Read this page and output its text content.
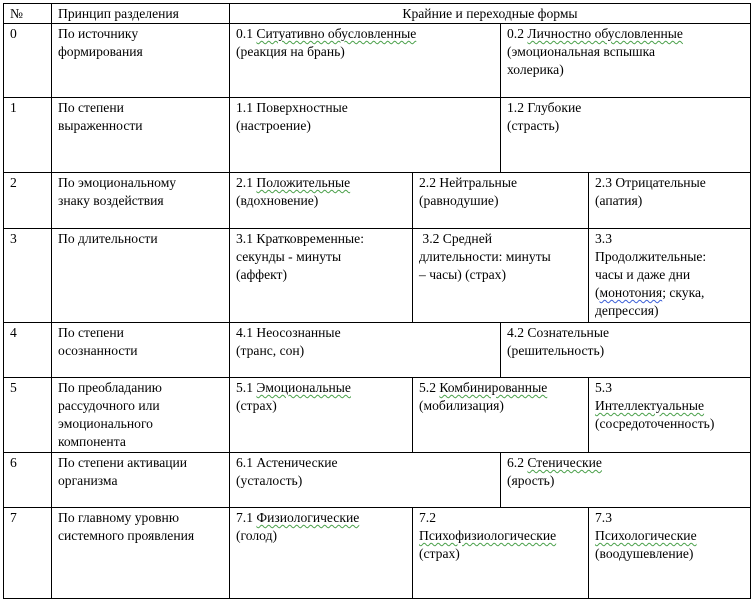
№	Принцип разделения	Крайние и переходные формы			
0	По источнику
формирования	0.1 Ситуативно обусловленные
(реакция на брань)		0.2 Личностно обусловленные
(эмоциональная вспышка
холерика)	

1	По степени
выраженности	1.1 Поверхностные
(настроение)		1.2 Глубокие
(страсть)	

2	По эмоциональному
знаку воздействия	2.1 Положительные
(вдохновение)	2.2 Нейтральные
(равнодушие)		2.3 Отрицательные
(апатия)

3	По длительности	3.1 Кратковременные:
секунды - минуты
(аффект)	3.2 Средней
длительности: минуты
– часы) (страх)		3.3
Продолжительные:
часы и даже дни
(монотония; скука,
депрессия)

4	По степени
осознанности	4.1 Неосознанные
(транс, сон)		4.2 Сознательные
(решительность)	

5	По преобладанию
рассудочного или
эмоционального
компонента	5.1 Эмоциональные
(страх)	5.2 Комбинированные
(мобилизация)		5.3
Интеллектуальные
(сосредоточенность)

6	По степени активации
организма	6.1 Астенические
(усталость)		6.2 Стенические
(ярость)	

7	По главному уровню
системного проявления	7.1 Физиологические
(голод)	7.2
Психофизиологические
(страх)		7.3
Психологические
(воодушевление)
